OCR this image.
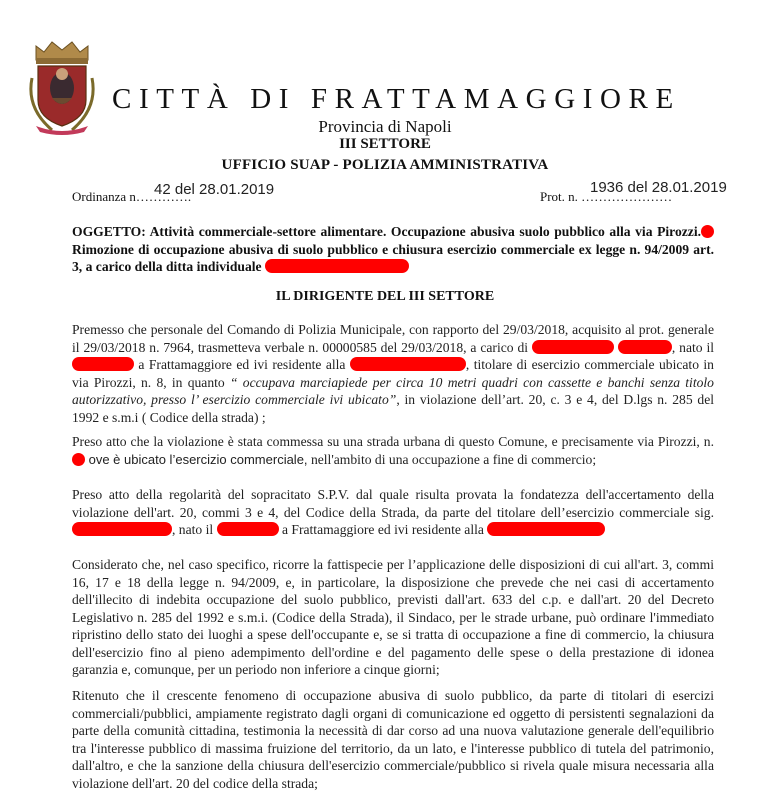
CITTÀ DI FRATTAMAGGIORE
Provincia di Napoli
III SETTORE
UFFICIO SUAP - POLIZIA AMMINISTRATIVA
Ordinanza n………….
42 del 28.01.2019	Prot. n. …………………
1936 del 28.01.2019
OGGETTO: Attività commerciale-settore alimentare. Occupazione abusiva suolo pubblico alla via Pirozzi. Rimozione di occupazione abusiva di suolo pubblico e chiusura esercizio commerciale ex legge n. 94/2009 art. 3, a carico della ditta individuale
IL DIRIGENTE DEL III SETTORE
Premesso che personale del Comando di Polizia Municipale, con rapporto del 29/03/2018, acquisito al prot. generale il 29/03/2018 n. 7964, trasmetteva verbale n. 00000585 del 29/03/2018, a carico di	, nato il  a Frattamaggiore ed ivi residente alla	, titolare di esercizio commerciale ubicato in via Pirozzi, n. 8, in quanto “ occupava marciapiede per circa 10 metri quadri con cassette e banchi senza titolo autorizzativo, presso l’ esercizio commerciale ivi ubicato”, in violazione dell’art. 20, c. 3 e 4, del D.lgs n. 285 del 1992 e s.m.i ( Codice della strada) ;
Preso atto che la violazione è stata commessa su una strada urbana di questo Comune, e precisamente via Pirozzi, n. ove è ubicato l’esercizio commerciale, nell'ambito di una occupazione a fine di commercio;
Preso atto della regolarità del sopracitato S.P.V. dal quale risulta provata la fondatezza dell'accertamento della violazione dell'art. 20, commi 3 e 4, del Codice della Strada, da parte del titolare dell’esercizio commerciale sig. , nato il	a Frattamaggiore ed ivi residente alla
Considerato che, nel caso specifico, ricorre la fattispecie per l’applicazione delle disposizioni di cui all'art. 3, commi 16, 17 e 18 della legge n. 94/2009, e, in particolare, la disposizione che prevede che nei casi di accertamento dell'illecito di indebita occupazione del suolo pubblico, previsti dall'art. 633 del c.p. e dall'art. 20 del Decreto Legislativo n. 285 del 1992 e s.m.i. (Codice della Strada), il Sindaco, per le strade urbane, può ordinare l'immediato ripristino dello stato dei luoghi a spese dell'occupante e, se si tratta di occupazione a fine di commercio, la chiusura dell'esercizio fino al pieno adempimento dell'ordine e del pagamento delle spese o della prestazione di idonea garanzia e, comunque, per un periodo non inferiore a cinque giorni;
Ritenuto che il crescente fenomeno di occupazione abusiva di suolo pubblico, da parte di titolari di esercizi commerciali/pubblici, ampiamente registrato dagli organi di comunicazione ed oggetto di persistenti segnalazioni da parte della comunità cittadina, testimonia la necessità di dar corso ad una nuova valutazione generale dell'equilibrio tra l'interesse pubblico di massima fruizione del territorio, da un lato, e l'interesse pubblico di tutela del patrimonio, dall'altro, e che la sanzione della chiusura dell'esercizio commerciale/pubblico si rivela quale misura necessaria alla violazione dell'art. 20 del codice della strada;
